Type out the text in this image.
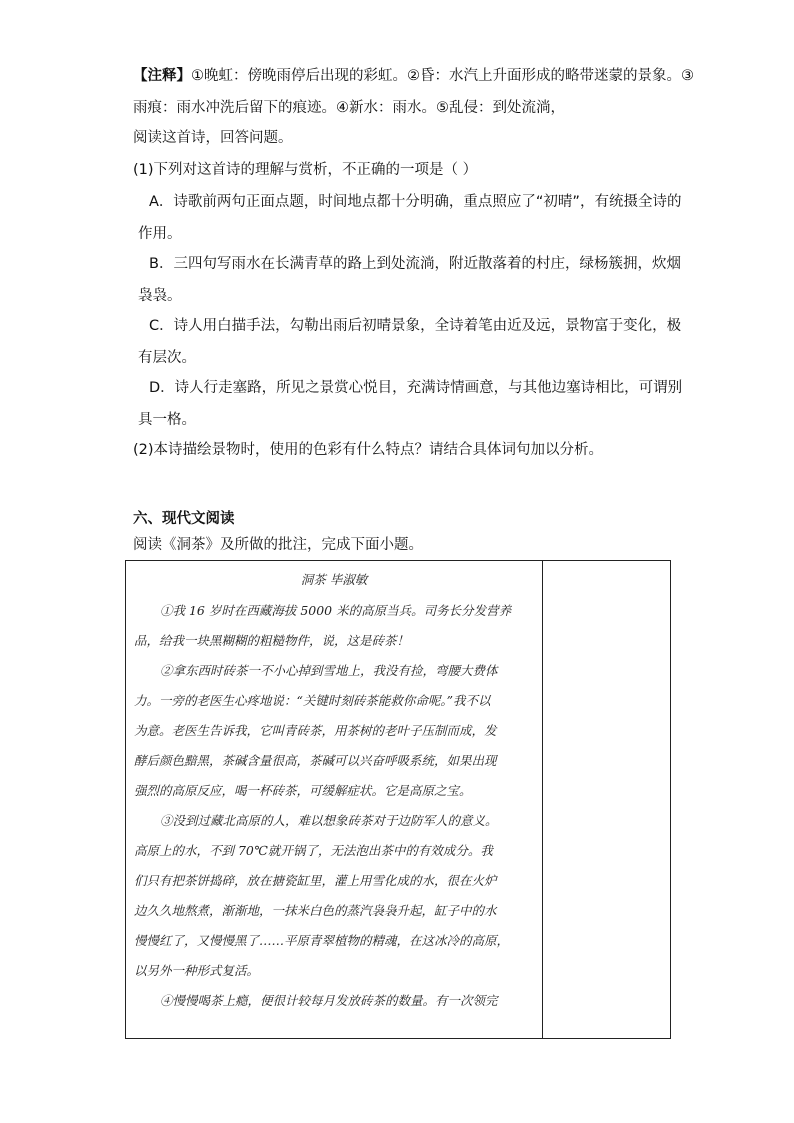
【注释】①晚虹：傍晚雨停后出现的彩虹。②昏：水汽上升面形成的略带迷蒙的景象。③
雨痕：雨水冲洗后留下的痕迹。④新水：雨水。⑤乱侵：到处流淌，
阅读这首诗，回答问题。
(1)下列对这首诗的理解与赏析，不正确的一项是（ ）
A．诗歌前两句正面点题，时间地点都十分明确，重点照应了“初晴”，有统摄全诗的
作用。
B．三四句写雨水在长满青草的路上到处流淌，附近散落着的村庄，绿杨簇拥，炊烟
袅袅。
C．诗人用白描手法，勾勒出雨后初晴景象，全诗着笔由近及远，景物富于变化，极
有层次。
D．诗人行走塞路，所见之景赏心悦目，充满诗情画意，与其他边塞诗相比，可谓别
具一格。
(2)本诗描绘景物时，使用的色彩有什么特点？请结合具体词句加以分析。
六、现代文阅读
阅读《洞茶》及所做的批注，完成下面小题。
洞茶 毕淑敏
①我 16 岁时在西藏海拔 5000 米的高原当兵。司务长分发营养
品，给我一块黑糊糊的粗糙物件，说，这是砖茶！
②拿东西时砖茶一不小心掉到雪地上，我没有捡，弯腰大费体
力。一旁的老医生心疼地说：“关键时刻砖茶能救你命呢。”我不以
为意。老医生告诉我，它叫青砖茶，用茶树的老叶子压制而成，发
酵后颜色黯黑，茶碱含量很高，茶碱可以兴奋呼吸系统，如果出现
强烈的高原反应，喝一杯砖茶，可缓解症状。它是高原之宝。
③没到过藏北高原的人，难以想象砖茶对于边防军人的意义。
高原上的水，不到 70℃就开锅了，无法泡出茶中的有效成分。我
们只有把茶饼捣碎，放在搪瓷缸里，灌上用雪化成的水，很在火炉
边久久地熬煮，渐渐地，一抹米白色的蒸汽袅袅升起，缸子中的水
慢慢红了，又慢慢黑了……平原青翠植物的精魂，在这冰冷的高原，
以另外一种形式复活。
④慢慢喝茶上瘾，便很计较每月发放砖茶的数量。有一次领完
